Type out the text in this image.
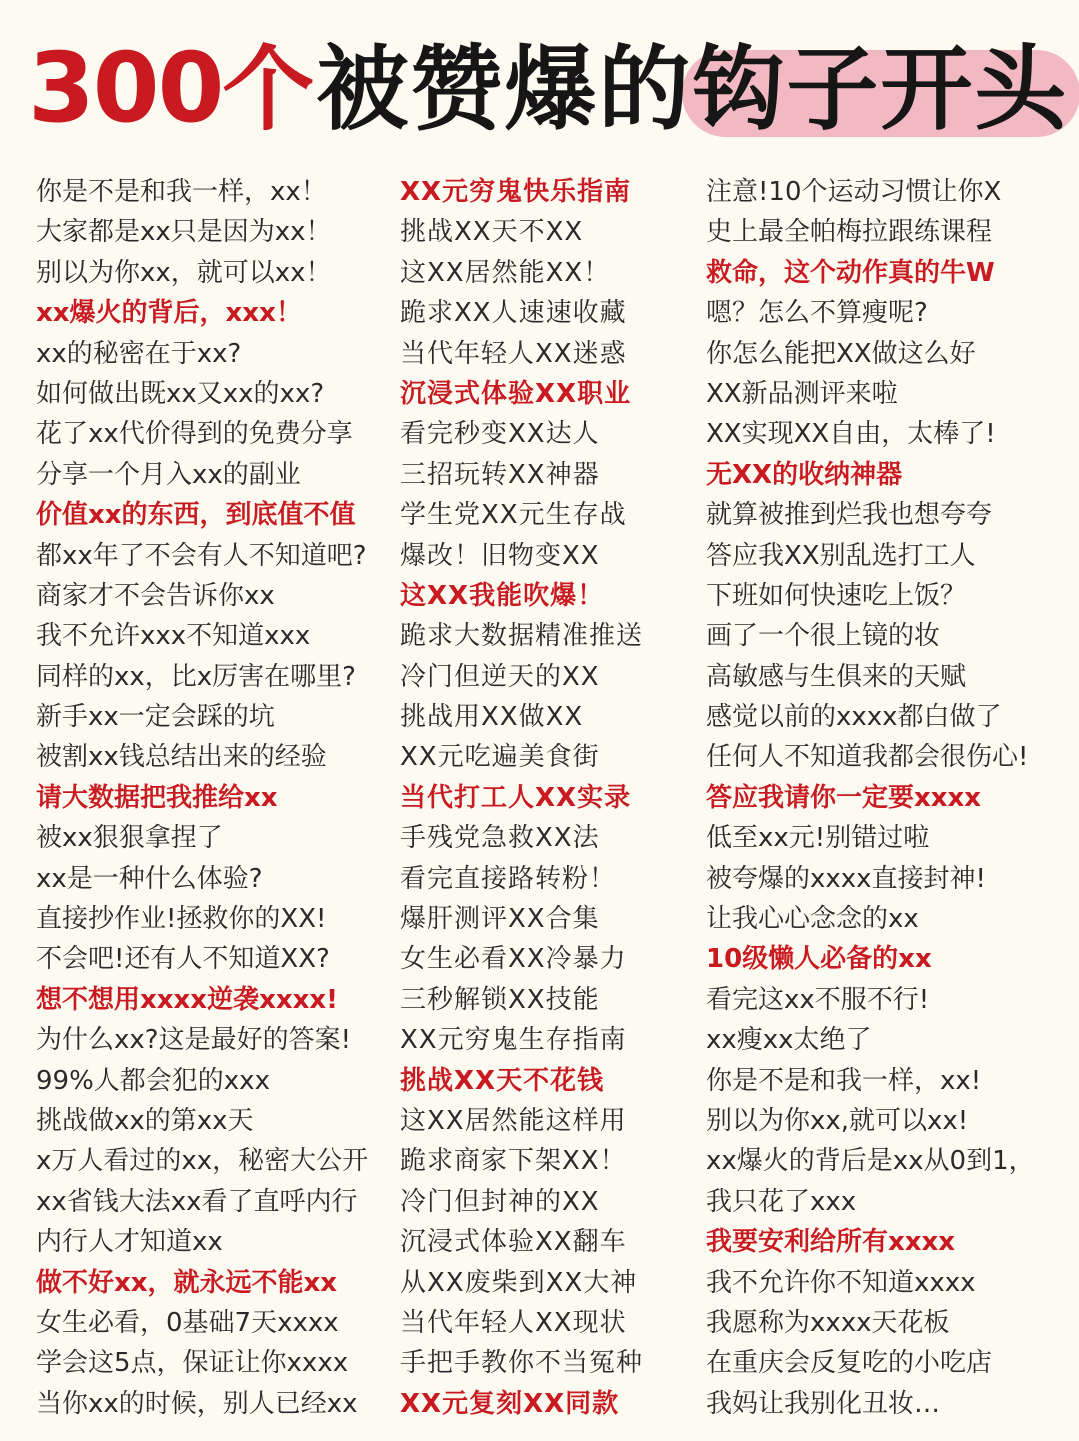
300个被赞爆的钩子开头
你是不是和我一样，xx！
大家都是xx只是因为xx！
别以为你xx，就可以xx！
xx爆火的背后，xxx！
xx的秘密在于xx?
如何做出既xx又xx的xx?
花了xx代价得到的免费分享
分享一个月入xx的副业
价值xx的东西，到底值不值
都xx年了不会有人不知道吧?
商家才不会告诉你xx
我不允许xxx不知道xxx
同样的xx，比x厉害在哪里?
新手xx一定会踩的坑
被割xx钱总结出来的经验
请大数据把我推给xx
被xx狠狠拿捏了
xx是一种什么体验?
直接抄作业!拯救你的XX!
不会吧!还有人不知道XX?
想不想用xxxx逆袭xxxx!
为什么xx?这是最好的答案!
99%人都会犯的xxx
挑战做xx的第xx天
x万人看过的xx，秘密大公开
xx省钱大法xx看了直呼内行
内行人才知道xx
做不好xx，就永远不能xx
女生必看，0基础7天xxxx
学会这5点，保证让你xxxx
当你xx的时候，别人已经xx
XX元穷鬼快乐指南
挑战XX天不XX
这XX居然能XX！
跪求XX人速速收藏
当代年轻人XX迷惑
沉浸式体验XX职业
看完秒变XX达人
三招玩转XX神器
学生党XX元生存战
爆改！旧物变XX
这XX我能吹爆！
跪求大数据精准推送
冷门但逆天的XX
挑战用XX做XX
XX元吃遍美食街
当代打工人XX实录
手残党急救XX法
看完直接路转粉！
爆肝测评XX合集
女生必看XX冷暴力
三秒解锁XX技能
XX元穷鬼生存指南
挑战XX天不花钱
这XX居然能这样用
跪求商家下架XX！
冷门但封神的XX
沉浸式体验XX翻车
从XX废柴到XX大神
当代年轻人XX现状
手把手教你不当冤种
XX元复刻XX同款
注意!10个运动习惯让你X
史上最全帕梅拉跟练课程
救命，这个动作真的牛W
嗯？怎么不算瘦呢?
你怎么能把XX做这么好
XX新品测评来啦
XX实现XX自由，太棒了!
无XX的收纳神器
就算被推到烂我也想夸夸
答应我XX别乱选打工人
下班如何快速吃上饭？
画了一个很上镜的妆
高敏感与生俱来的天赋
感觉以前的xxxx都白做了
任何人不知道我都会很伤心!
答应我请你一定要xxxx
低至xx元!别错过啦
被夸爆的xxxx直接封神!
让我心心念念的xx
10级懒人必备的xx
看完这xx不服不行!
xx瘦xx太绝了
你是不是和我一样，xx!
别以为你xx,就可以xx!
xx爆火的背后是xx从0到1，
我只花了xxx
我要安利给所有xxxx
我不允许你不知道xxxx
我愿称为xxxx天花板
在重庆会反复吃的小吃店
我妈让我别化丑妆…
